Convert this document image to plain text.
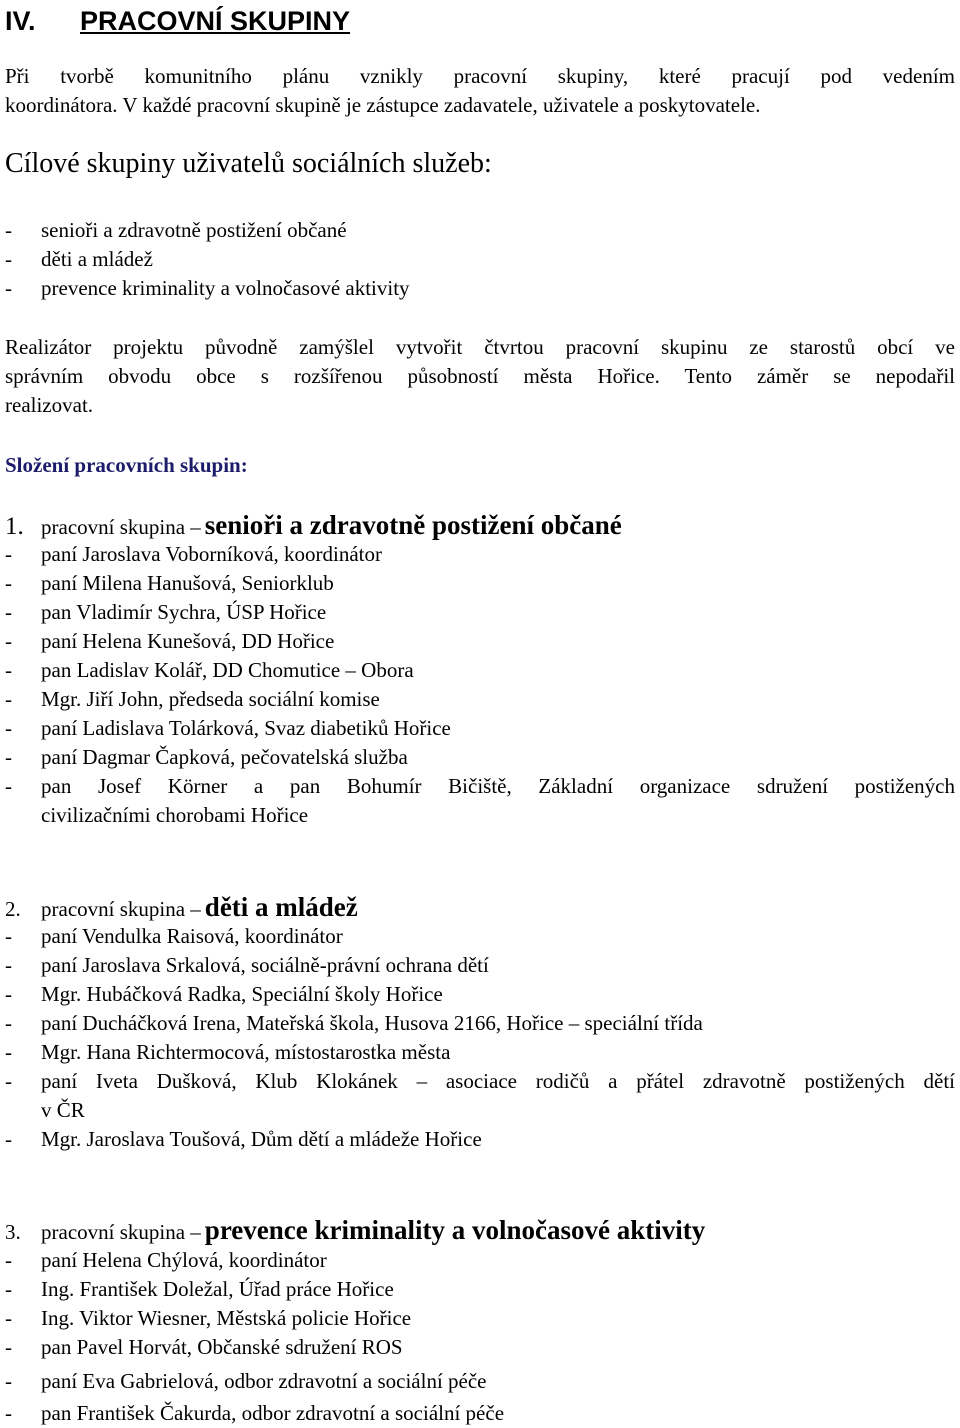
IV. PRACOVNÍ SKUPINY
Při tvorbě komunitního plánu vznikly pracovní skupiny, které pracují pod vedením
koordinátora. V každé pracovní skupině je zástupce zadavatele, uživatele a poskytovatele.
Cílové skupiny uživatelů sociálních služeb:
- senioři a zdravotně postižení občané
- děti a mládež
- prevence kriminality a volnočasové aktivity
Realizátor projektu původně zamýšlel vytvořit čtvrtou pracovní skupinu ze starostů obcí ve
správním obvodu obce s rozšířenou působností města Hořice. Tento záměr se nepodařil
realizovat.
Složení pracovních skupin:
1. pracovní skupina – senioři a zdravotně postižení občané
- paní Jaroslava Voborníková, koordinátor
- paní Milena Hanušová, Seniorklub
- pan Vladimír Sychra, ÚSP Hořice
- paní Helena Kunešová, DD Hořice
- pan Ladislav Kolář, DD Chomutice – Obora
- Mgr. Jiří John, předseda sociální komise
- paní Ladislava Tolárková, Svaz diabetiků Hořice
- paní Dagmar Čapková, pečovatelská služba
- pan Josef Körner a pan Bohumír Bičiště, Základní organizace sdružení postižených
civilizačními chorobami Hořice
2. pracovní skupina – děti a mládež
- paní Vendulka Raisová, koordinátor
- paní Jaroslava Srkalová, sociálně-právní ochrana dětí
- Mgr. Hubáčková Radka, Speciální školy Hořice
- paní Ducháčková Irena, Mateřská škola, Husova 2166, Hořice – speciální třída
- Mgr. Hana Richtermocová, místostarostka města
- paní Iveta Dušková, Klub Klokánek – asociace rodičů a přátel zdravotně postižených dětí
v ČR
- Mgr. Jaroslava Toušová, Dům dětí a mládeže Hořice
3. pracovní skupina – prevence kriminality a volnočasové aktivity
- paní Helena Chýlová, koordinátor
- Ing. František Doležal, Úřad práce Hořice
- Ing. Viktor Wiesner, Městská policie Hořice
- pan Pavel Horvát, Občanské sdružení ROS
- paní Eva Gabrielová, odbor zdravotní a sociální péče
- pan František Čakurda, odbor zdravotní a sociální péče
